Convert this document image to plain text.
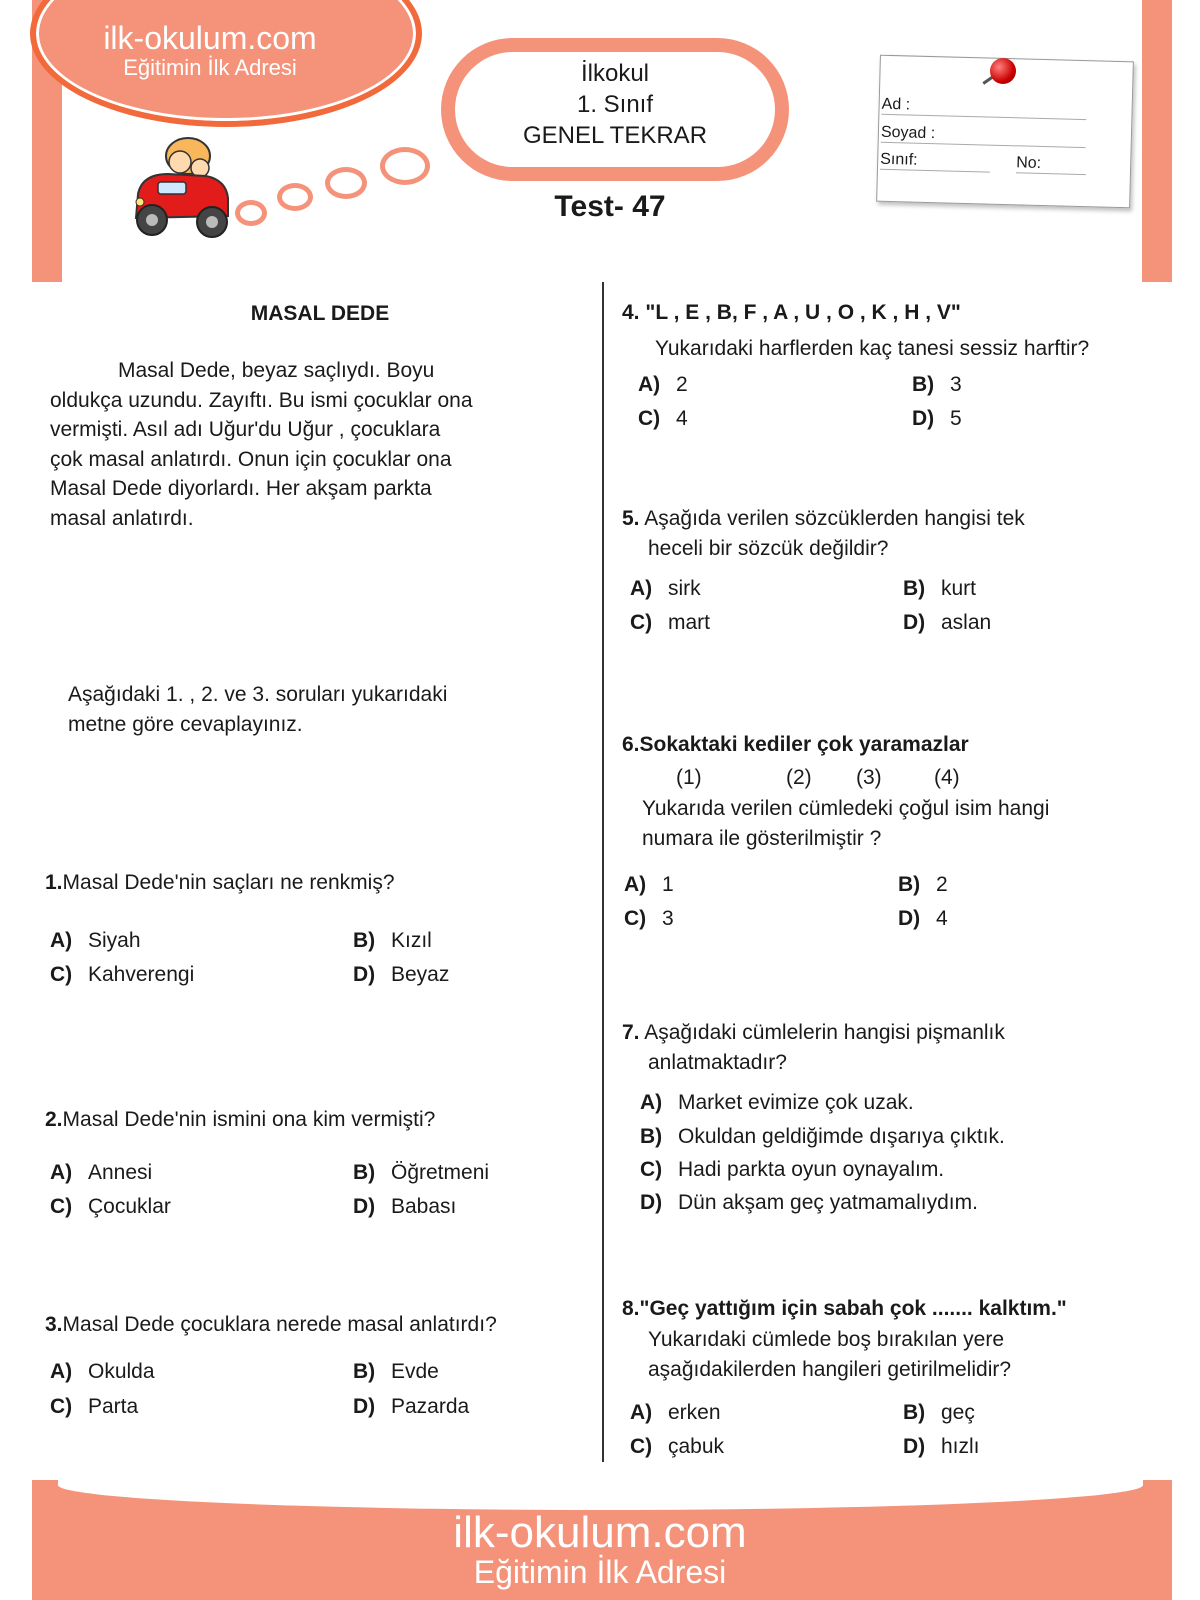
ilk-okulum.com
Eğitimin İlk Adresi	İlkokul
1. Sınıf
GENEL TEKRAR
Test- 47
Ad :
Soyad :
Sınıf:	No:
MASAL DEDE
Masal Dede, beyaz saçlıydı. Boyu
oldukça uzundu. Zayıftı. Bu ismi çocuklar ona
vermişti. Asıl adı Uğur'du Uğur , çocuklara
çok masal anlatırdı. Onun için çocuklar ona
Masal Dede diyorlardı. Her akşam parkta
masal anlatırdı.
Aşağıdaki 1. , 2. ve 3. soruları yukarıdaki
metne göre cevaplayınız.
1.Masal Dede'nin saçları ne renkmiş?
A) Siyah	B) Kızıl
C) Kahverengi	D) Beyaz
2.Masal Dede'nin ismini ona kim vermişti?
A) Annesi	B) Öğretmeni
C) Çocuklar	D) Babası
3.Masal Dede çocuklara nerede masal anlatırdı?
A) Okulda	B) Evde
C) Parta	D) Pazarda
4. "L , E , B, F , A , U , O , K , H , V"
Yukarıdaki harflerden kaç tanesi sessiz harftir?
A) 2	B) 3
C) 4	D) 5
5. Aşağıda verilen sözcüklerden hangisi tek
heceli bir sözcük değildir?
A) sirk	B) kurt
C) mart	D) aslan
6.Sokaktaki kediler çok yaramazlar
(1)	(2) (3) (4)
Yukarıda verilen cümledeki çoğul isim hangi
numara ile gösterilmiştir ?
A) 1	B) 2
C) 3	D) 4
7. Aşağıdaki cümlelerin hangisi pişmanlık
anlatmaktadır?
A) Market evimize çok uzak.
B) Okuldan geldiğimde dışarıya çıktık.
C) Hadi parkta oyun oynayalım.
D) Dün akşam geç yatmamalıydım.
8."Geç yattığım için sabah çok ....... kalktım."
Yukarıdaki cümlede boş bırakılan yere
aşağıdakilerden hangileri getirilmelidir?
A) erken	B) geç
C) çabuk	D) hızlı
ilk-okulum.com
Eğitimin İlk Adresi
